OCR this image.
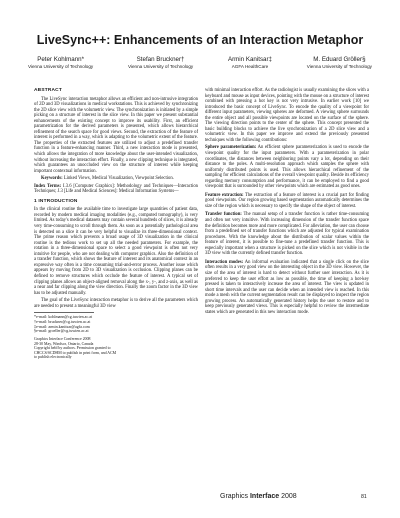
LiveSync++: Enhancements of an Interaction Metaphor
Peter Kohlmann*
Vienna University of Technology
Stefan Bruckner†
Vienna University of Technology
Armin Kanitsar‡
AGFA HealthCare
M. Eduard Gröller§
Vienna University of Technology
ABSTRACT

The LiveSync interaction metaphor allows an efficient and non-intrusive integration of 2D and 3D visualizations in medical workstations. This is achieved by synchronizing the 2D slice view with the volumetric view. The synchronization is initiated by a simple picking on a structure of interest in the slice view. In this paper we present substantial enhancements of the existing concept to improve its usability. First, an efficient parametrization for the derived parameters is presented, which allows hierarchical refinement of the search space for good views. Second, the extraction of the feature of interest is performed in a way, which is adapting to the volumetric extent of the feature. The properties of the extracted features are utilized to adjust a predefined transfer function in a feature-enhancing manner. Third, a new interaction mode is presented, which allows the integration of more knowledge about the user-intended visualization, without increasing the interaction effort. Finally, a new clipping technique is integrated, which guarantees an unoccluded view on the structure of interest while keeping important contextual information.

Keywords: Linked Views, Medical Visualization, Viewpoint Selection.

Index Terms: I.3.6 [Computer Graphics]: Methodology and Techniques—Interaction Techniques; J.3 [Life and Medical Sciences]: Medical Information Systems—

1 INTRODUCTION

In the clinical routine the available time to investigate large quantities of patient data, recorded by modern medical imaging modalities (e.g., computed tomography), is very limited. As today's medical datasets may contain several hundreds of slices, it is already very time-consuming to scroll through them. As soon as a potentially pathological area is detected on a slice it can be very helpful to visualize its three-dimensional context. The prime reason which prevents a broad usage of 3D visualization in the clinical routine is the tedious work to set up all the needed parameters. For example, the rotation in a three-dimensional space to select a good viewpoint is often not very intuitive for people, who are not dealing with computer graphics. Also the definition of a transfer function, which shows the feature of interest and its anatomical context in an expressive way often is a time consuming trial-and-error process. Another issue which appears by moving from 2D to 3D visualization is occlusion. Clipping planes can be defined to remove structures which occlude the feature of interest. A typical set of clipping planes allows an object-aligned removal along the x-, y-, and z-axis, as well as a near and far clipping along the view direction. Finally the zoom factor in the 3D view has to be adjusted manually.

The goal of the LiveSync interaction metaphor is to derive all the parameters which are needed to present a meaningful 3D view

*e-mail: kohlmann@cg.tuwien.ac.at

†e-mail: bruckner@cg.tuwien.ac.at

‡e-mail: armin.kanitsar@agfa.com

§e-mail: groeller@cg.tuwien.ac.at

Graphics Interface Conference 2008
28-30 May, Windsor, Ontario, Canada
Copyright held by authors. Permission granted to
CHCCS/SCDHM to publish in print form, and ACM
to publish electronically

with minimal interaction effort. As the radiologist is usually examining the slices with a keyboard and mouse as input devices, pointing with the mouse on a structure of interest combined with pressing a hot key is not very intrusive. In earlier work [10] we introduced the basic concept of LiveSync. To encode the quality of a viewpoint for different input parameters, viewing spheres are deformed. A viewing sphere surrounds the entire object and all possible viewpoints are located on the surface of the sphere. The viewing direction points to the center of the sphere. This concept presented the basic building blocks to achieve the live synchronization of a 2D slice view and a volumetric view. In this paper we improve and extend the previously presented techniques with the following contributions:

Sphere parameterization: An efficient sphere parameterization is used to encode the viewpoint quality for the input parameters. With a parameterization in polar coordinates, the distances between neighboring points vary a lot, depending on their distance to the poles. A multi-resolution approach which samples the sphere with uniformly distributed points is used. This allows hierarchical refinement of the sampling for efficient calculations of the overall viewpoint quality. Beside its efficiency regarding memory consumption and performance, it can be employed to find a good viewpoint that is surrounded by other viewpoints which are estimated as good ones.

Feature extraction: The extraction of a feature of interest is a crucial part for finding good viewpoints. Our region growing based segmentation automatically determines the size of the region which is necessary to specify the shape of the object of interest.

Transfer function: The manual setup of a transfer function is rather time-consuming and often not very intuitive. With increasing dimension of the transfer function space the definition becomes more and more complicated. For alleviation, the user can choose from a predefined set of transfer functions which are adjusted for typical examination procedures. With the knowledge about the distribution of scalar values within the feature of interest, it is possible to fine-tune a predefined transfer function. This is especially important when a structure is picked on the slice which is not visible in the 3D view with the currently defined transfer function.

Interaction modes: An informal evaluation indicated that a single click on the slice often results in a very good view on the interesting object in the 3D view. However, the size of the area of interest is hard to detect without further user interaction. As it is preferred to keep the user effort as low as possible, the time of keeping a hot-key pressed is taken to interactively increase the area of interest. The view is updated in short time intervals and the user can decide when an intended view is reached. In this mode a mesh with the current segmentation result can be displayed to inspect the region growing process. An automatically generated history helps the user to restore and to keep previously generated views. This is especially helpful to review the intermediate states which are generated in this new interaction mode.

Graphics Interface 2008	81
